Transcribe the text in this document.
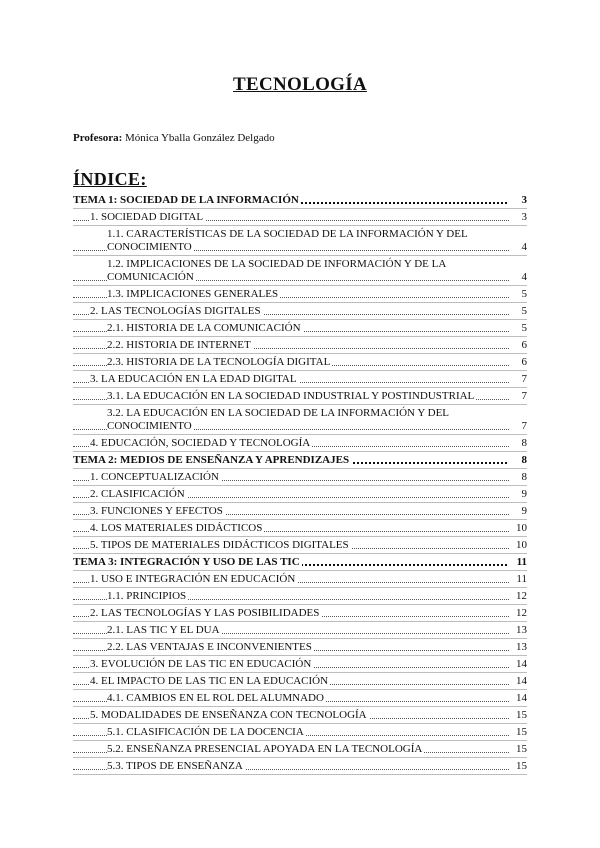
TECNOLOGÍA
Profesora: Mónica Yballa González Delgado
ÍNDICE:
TEMA 1: SOCIEDAD DE LA INFORMACIÓN	3
1. SOCIEDAD DIGITAL	3
1.1. CARACTERÍSTICAS DE LA SOCIEDAD DE LA INFORMACIÓN Y DEL CONOCIMIENTO	4
1.2. IMPLICACIONES DE LA SOCIEDAD DE INFORMACIÓN Y DE LA COMUNICACIÓN	4
1.3. IMPLICACIONES GENERALES	5
2. LAS TECNOLOGÍAS DIGITALES	5
2.1. HISTORIA DE LA COMUNICACIÓN	5
2.2. HISTORIA DE INTERNET	6
2.3. HISTORIA DE LA TECNOLOGÍA DIGITAL	6
3. LA EDUCACIÓN EN LA EDAD DIGITAL	7
3.1. LA EDUCACIÓN EN LA SOCIEDAD INDUSTRIAL Y POSTINDUSTRIAL	7
3.2. LA EDUCACIÓN EN LA SOCIEDAD DE LA INFORMACIÓN Y DEL CONOCIMIENTO	7
4. EDUCACIÓN, SOCIEDAD Y TECNOLOGÍA	8
TEMA 2: MEDIOS DE ENSEÑANZA Y APRENDIZAJES	8
1. CONCEPTUALIZACIÓN	8
2. CLASIFICACIÓN	9
3. FUNCIONES Y EFECTOS	9
4. LOS MATERIALES DIDÁCTICOS	10
5. TIPOS DE MATERIALES DIDÁCTICOS DIGITALES	10
TEMA 3: INTEGRACIÓN Y USO DE LAS TIC	11
1. USO E INTEGRACIÓN EN EDUCACIÓN	11
1.1. PRINCIPIOS	12
2. LAS TECNOLOGÍAS Y LAS POSIBILIDADES	12
2.1. LAS TIC Y EL DUA	13
2.2. LAS VENTAJAS E INCONVENIENTES	13
3. EVOLUCIÓN DE LAS TIC EN EDUCACIÓN	14
4. EL IMPACTO DE LAS TIC EN LA EDUCACIÓN	14
4.1. CAMBIOS EN EL ROL DEL ALUMNADO	14
5. MODALIDADES DE ENSEÑANZA CON TECNOLOGÍA	15
5.1. CLASIFICACIÓN DE LA DOCENCIA	15
5.2. ENSEÑANZA PRESENCIAL APOYADA EN LA TECNOLOGÍA	15
5.3. TIPOS DE ENSEÑANZA	15
